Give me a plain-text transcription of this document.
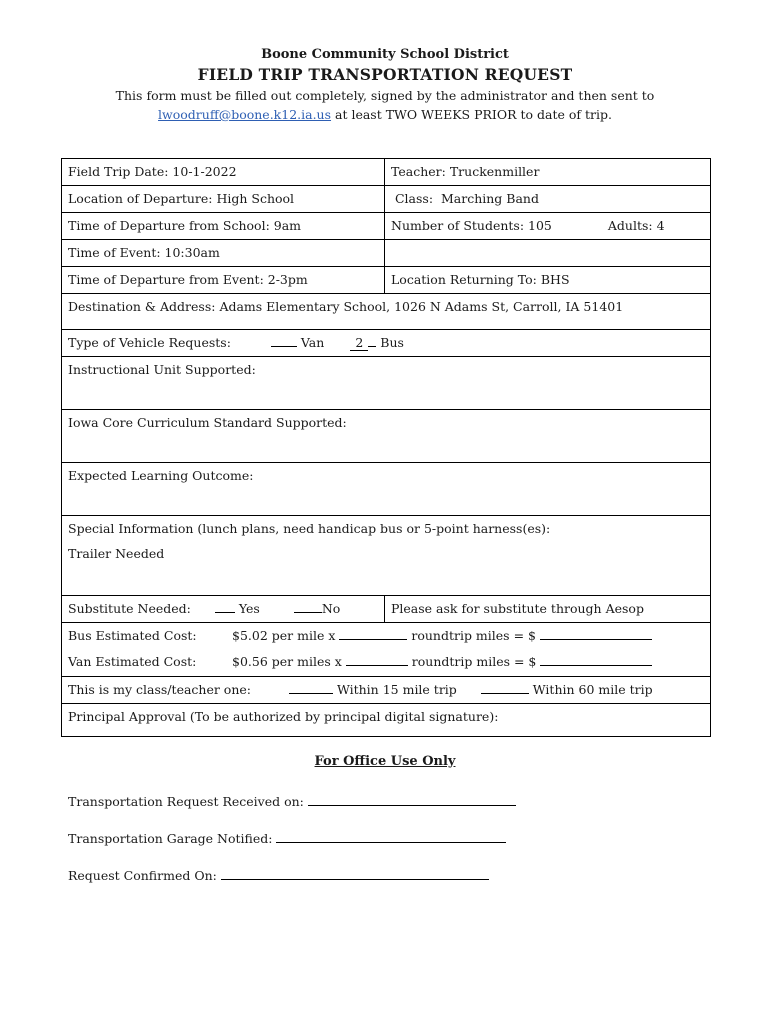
Boone Community School District
FIELD TRIP TRANSPORTATION REQUEST
This form must be filled out completely, signed by the administrator and then sent to
lwoodruff@boone.k12.ia.us at least TWO WEEKS PRIOR to date of trip.
Field Trip Date: 10-1-2022	Teacher: Truckenmiller
Location of Departure: High School	Class:  Marching Band
Time of Departure from School: 9am	Number of Students: 105 Adults: 4
Time of Event: 10:30am	
Time of Departure from Event: 2-3pm	Location Returning To: BHS
Destination & Address: Adams Elementary School, 1026 N Adams St, Carroll, IA 51401	
Type of Vehicle Requests: Van 2 Bus	
Instructional Unit Supported:	
Iowa Core Curriculum Standard Supported:	
Expected Learning Outcome:	

Special Information (lunch plans, need handicap bus or 5-point harness(es):
Trailer Needed	

Substitute Needed: Yes No	Please ask for substitute through Aesop

Bus Estimated Cost: $5.02 per mile x roundtrip miles = $
Van Estimated Cost: $0.56 per miles x roundtrip miles = $	

This is my class/teacher one: Within 15 mile trip Within 60 mile trip	
Principal Approval (To be authorized by principal digital signature):	
For Office Use Only
Transportation Request Received on:
Transportation Garage Notified:
Request Confirmed On:
